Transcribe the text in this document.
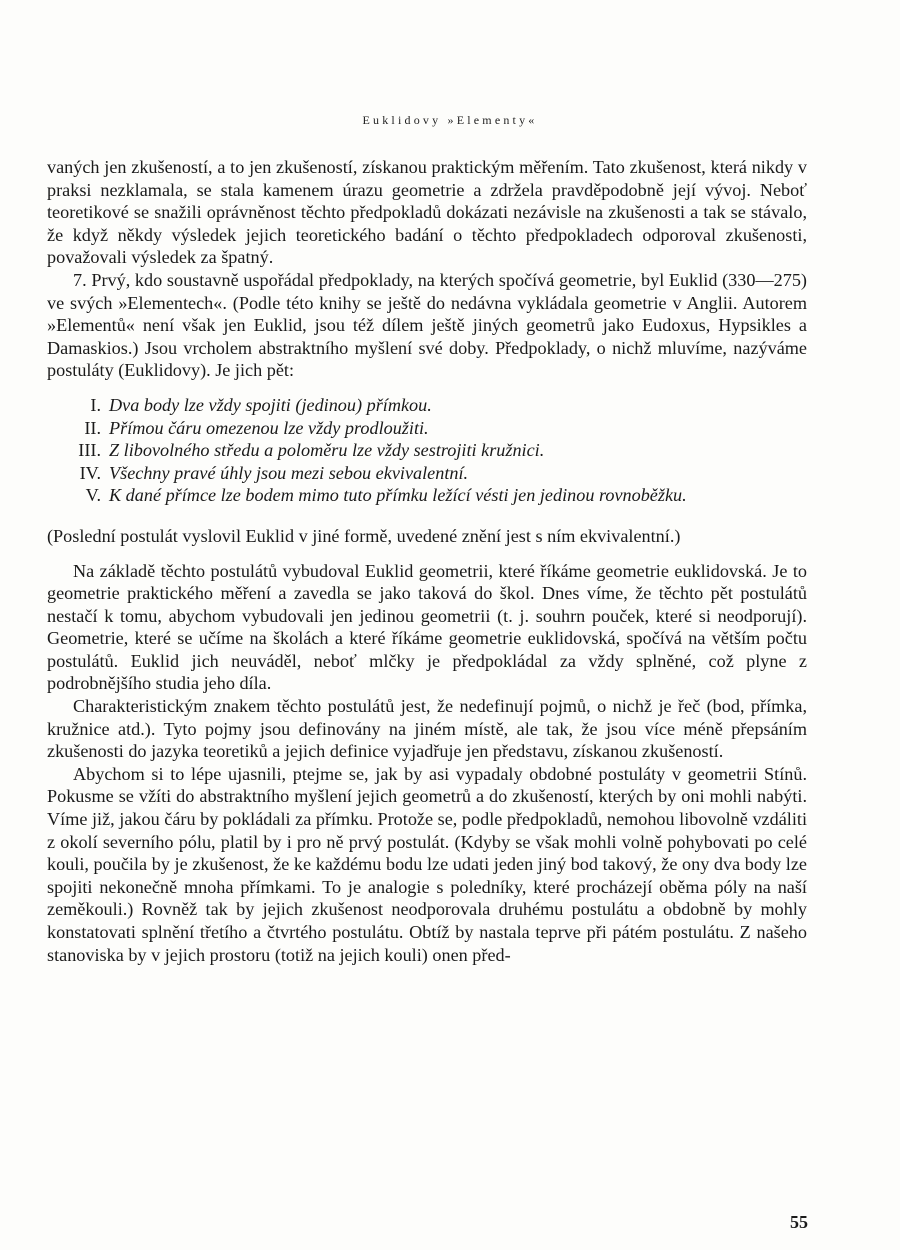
Euklidovy »Elementy«

vaných jen zkušeností, a to jen zkušeností, získanou praktickým měřením. Tato zkušenost, která nikdy v praksi nezklamala, se stala kamenem úrazu geometrie a zdržela pravděpodobně její vývoj. Neboť teoretikové se snažili oprávněnost těchto předpokladů dokázati nezávisle na zkušenosti a tak se stávalo, že když někdy výsledek jejich teoretického badání o těchto předpokladech odporoval zkušenosti, považovali výsledek za špatný.

7. Prvý, kdo soustavně uspořádal předpoklady, na kterých spočívá geometrie, byl Euklid (330—275) ve svých »Elementech«. (Podle této knihy se ještě do nedávna vykládala geometrie v Anglii. Autorem »Elementů« není však jen Euklid, jsou též dílem ještě jiných geometrů jako Eudoxus, Hypsikles a Damaskios.) Jsou vrcholem abstraktního myšlení své doby. Předpoklady, o nichž mluvíme, nazýváme postuláty (Euklidovy). Je jich pět:

I. Dva body lze vždy spojiti (jedinou) přímkou.
II. Přímou čáru omezenou lze vždy prodloužiti.
III. Z libovolného středu a poloměru lze vždy sestrojiti kružnici.
IV. Všechny pravé úhly jsou mezi sebou ekvivalentní.
V. K dané přímce lze bodem mimo tuto přímku ležící vésti jen jedinou rovnoběžku.

(Poslední postulát vyslovil Euklid v jiné formě, uvedené znění jest s ním ekvivalentní.)

Na základě těchto postulátů vybudoval Euklid geometrii, které říkáme geometrie euklidovská. Je to geometrie praktického měření a zavedla se jako taková do škol. Dnes víme, že těchto pět postulátů nestačí k tomu, abychom vybudovali jen jedinou geometrii (t. j. souhrn pouček, které si neodporují). Geometrie, které se učíme na školách a které říkáme geometrie euklidovská, spočívá na větším počtu postulátů. Euklid jich neuváděl, neboť mlčky je předpokládal za vždy splněné, což plyne z podrobnějšího studia jeho díla.

Charakteristickým znakem těchto postulátů jest, že nedefinují pojmů, o nichž je řeč (bod, přímka, kružnice atd.). Tyto pojmy jsou definovány na jiném místě, ale tak, že jsou více méně přepsáním zkušenosti do jazyka teoretiků a jejich definice vyjadřuje jen představu, získanou zkušeností.

Abychom si to lépe ujasnili, ptejme se, jak by asi vypadaly obdobné postuláty v geometrii Stínů. Pokusme se vžíti do abstraktního myšlení jejich geometrů a do zkušeností, kterých by oni mohli nabýti. Víme již, jakou čáru by pokládali za přímku. Protože se, podle předpokladů, nemohou libovolně vzdáliti z okolí severního pólu, platil by i pro ně prvý postulát. (Kdyby se však mohli volně pohybovati po celé kouli, poučila by je zkušenost, že ke každému bodu lze udati jeden jiný bod takový, že ony dva body lze spojiti nekonečně mnoha přímkami. To je analogie s poledníky, které procházejí oběma póly na naší zeměkouli.) Rovněž tak by jejich zkušenost neodporovala druhému postulátu a obdobně by mohly konstatovati splnění třetího a čtvrtého postulátu. Obtíž by nastala teprve při pátém postulátu. Z našeho stanoviska by v jejich prostoru (totiž na jejich kouli) onen před-

55
